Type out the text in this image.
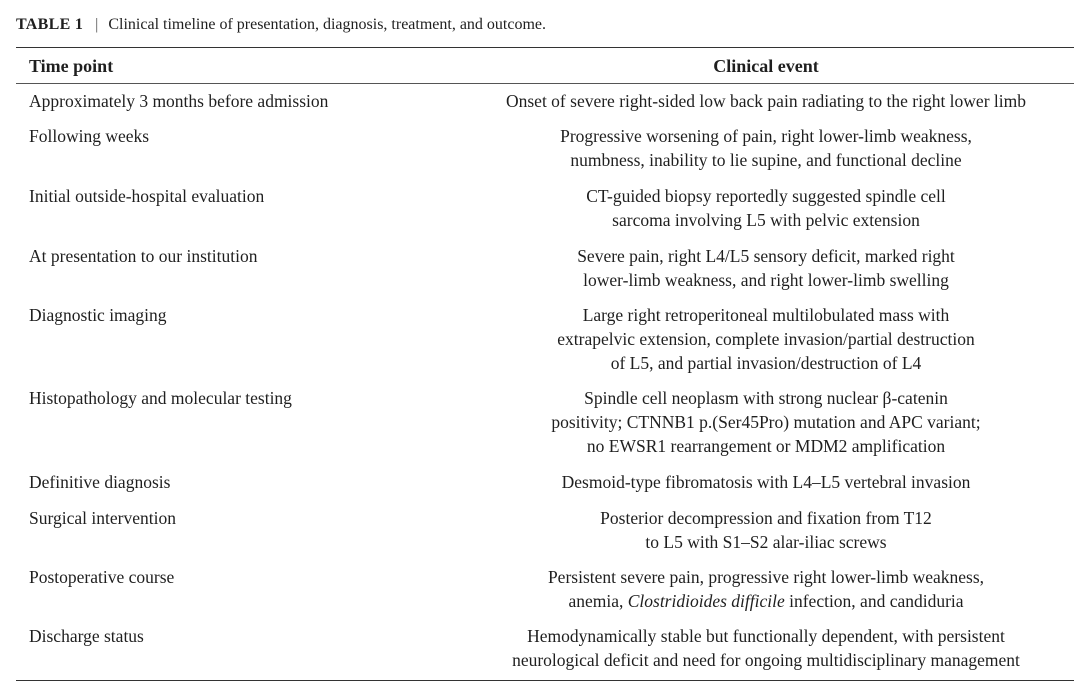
TABLE 1 | Clinical timeline of presentation, diagnosis, treatment, and outcome.
Time point	Clinical event
Approximately 3 months before admission	Onset of severe right-sided low back pain radiating to the right lower limb
Following weeks	Progressive worsening of pain, right lower-limb weakness,
numbness, inability to lie supine, and functional decline
Initial outside-hospital evaluation	CT-guided biopsy reportedly suggested spindle cell
sarcoma involving L5 with pelvic extension
At presentation to our institution	Severe pain, right L4/L5 sensory deficit, marked right
lower-limb weakness, and right lower-limb swelling
Diagnostic imaging	Large right retroperitoneal multilobulated mass with
extrapelvic extension, complete invasion/partial destruction
of L5, and partial invasion/destruction of L4
Histopathology and molecular testing	Spindle cell neoplasm with strong nuclear β-catenin
positivity; CTNNB1 p.(Ser45Pro) mutation and APC variant;
no EWSR1 rearrangement or MDM2 amplification
Definitive diagnosis	Desmoid-type fibromatosis with L4–L5 vertebral invasion
Surgical intervention	Posterior decompression and fixation from T12
to L5 with S1–S2 alar-iliac screws
Postoperative course	Persistent severe pain, progressive right lower-limb weakness,
anemia, Clostridioides difficile infection, and candiduria
Discharge status	Hemodynamically stable but functionally dependent, with persistent
neurological deficit and need for ongoing multidisciplinary management
